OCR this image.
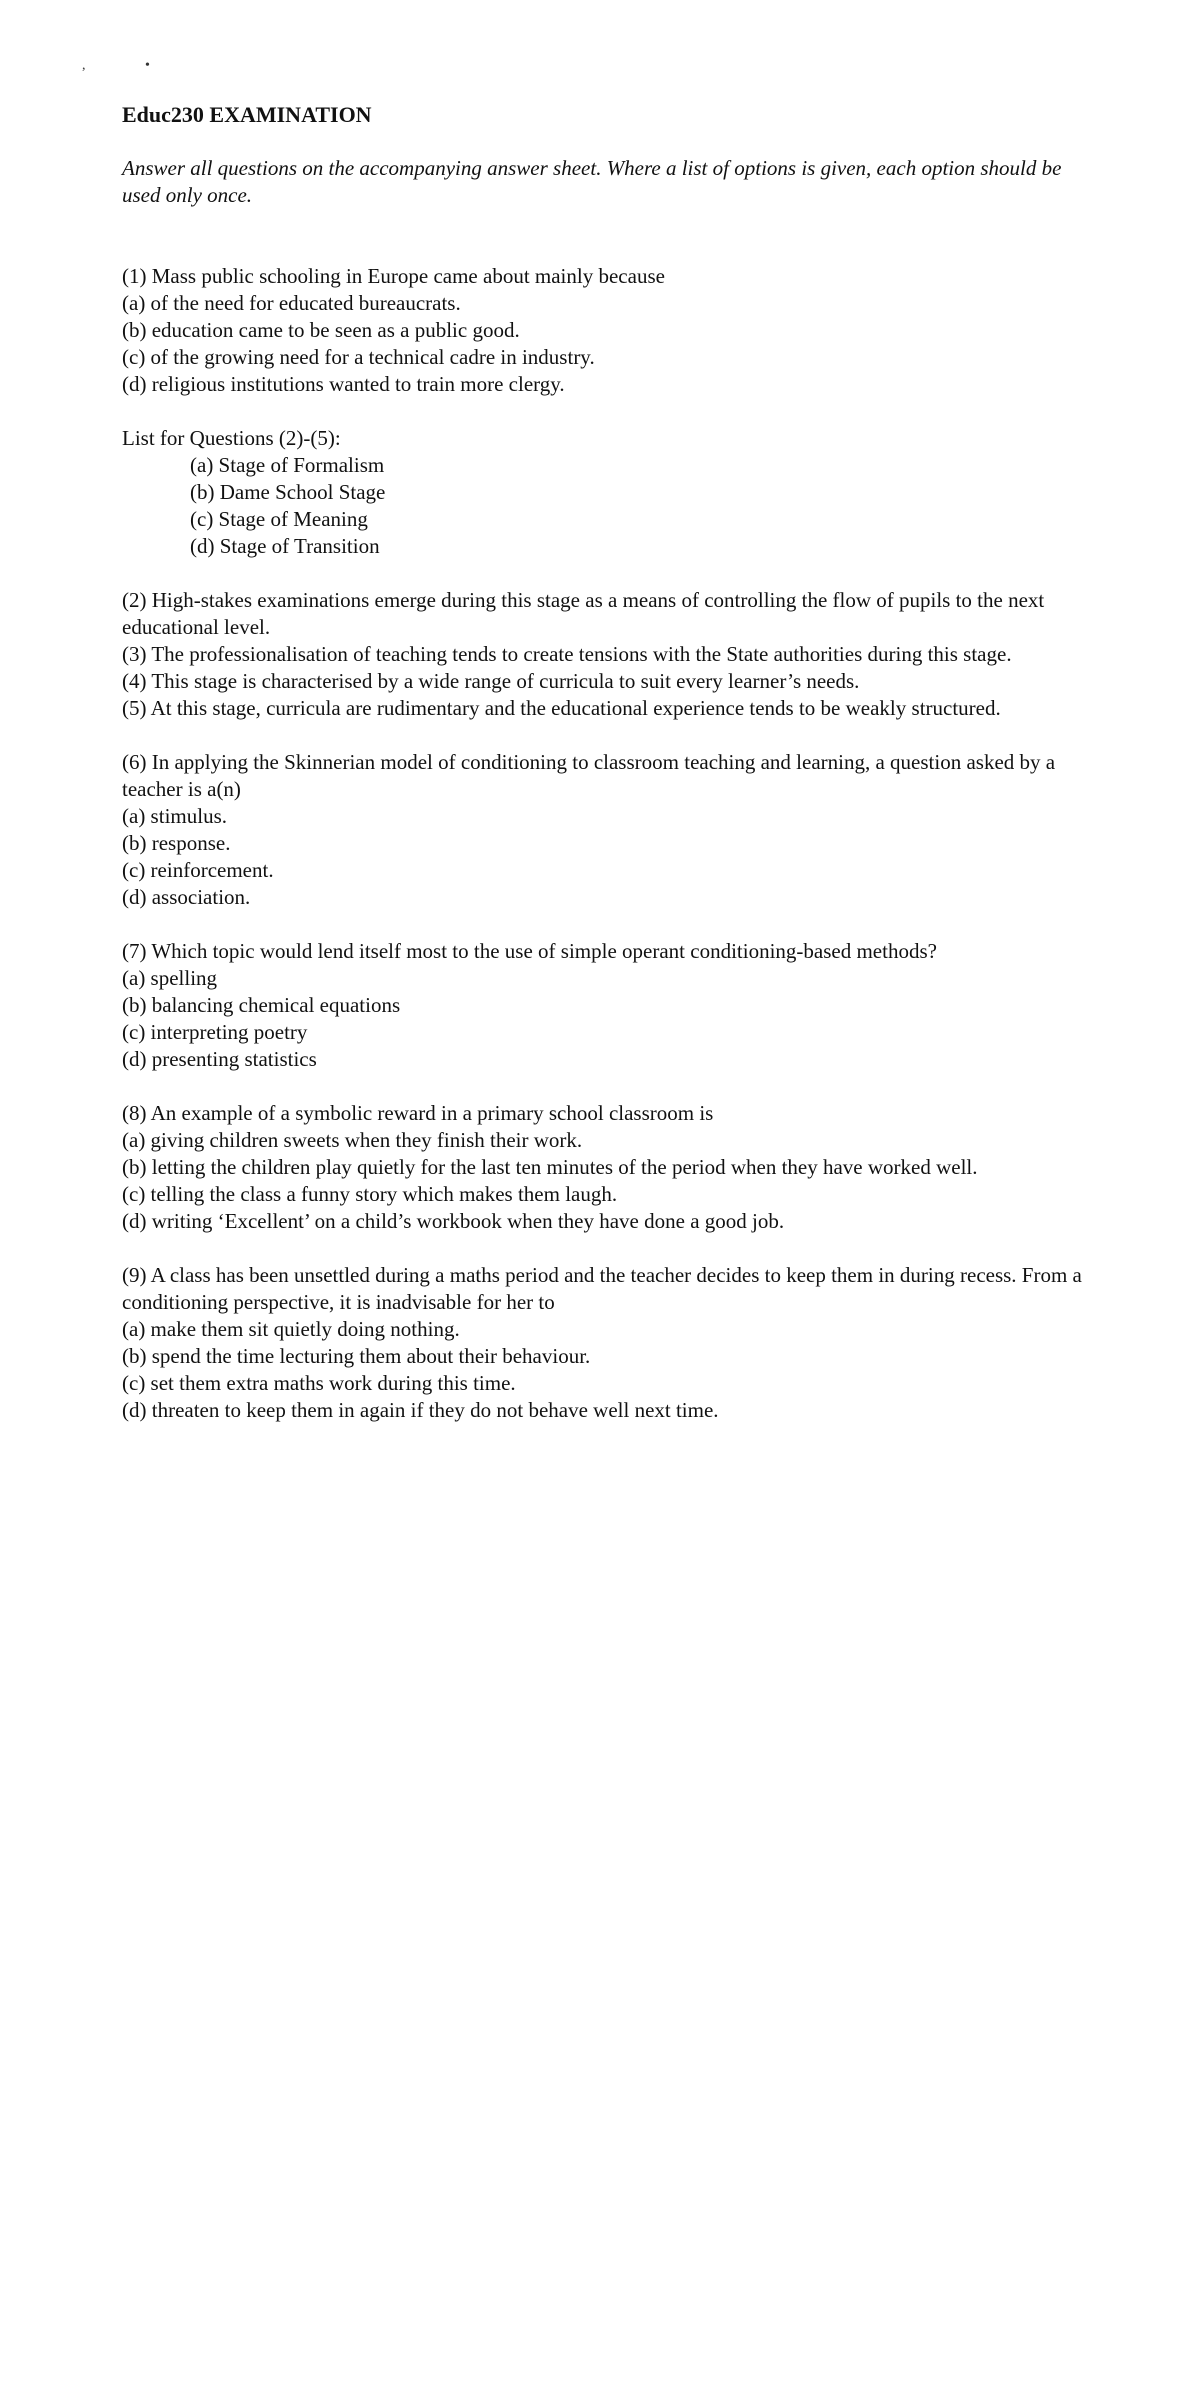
,	•
Educ230 EXAMINATION
Answer all questions on the accompanying answer sheet. Where a list of options is given, each option should be used only once.
(1) Mass public schooling in Europe came about mainly because
(a) of the need for educated bureaucrats.
(b) education came to be seen as a public good.
(c) of the growing need for a technical cadre in industry.
(d) religious institutions wanted to train more clergy.
List for Questions (2)-(5):
(a) Stage of Formalism
(b) Dame School Stage
(c) Stage of Meaning
(d) Stage of Transition
(2) High-stakes examinations emerge during this stage as a means of controlling the flow of pupils to the next educational level.
(3) The professionalisation of teaching tends to create tensions with the State authorities during this stage.
(4) This stage is characterised by a wide range of curricula to suit every learner’s needs.
(5) At this stage, curricula are rudimentary and the educational experience tends to be weakly structured.
(6) In applying the Skinnerian model of conditioning to classroom teaching and learning, a question asked by a teacher is a(n)
(a) stimulus.
(b) response.
(c) reinforcement.
(d) association.
(7) Which topic would lend itself most to the use of simple operant conditioning-based methods?
(a) spelling
(b) balancing chemical equations
(c) interpreting poetry
(d) presenting statistics
(8) An example of a symbolic reward in a primary school classroom is
(a) giving children sweets when they finish their work.
(b) letting the children play quietly for the last ten minutes of the period when they have worked well.
(c) telling the class a funny story which makes them laugh.
(d) writing ‘Excellent’ on a child’s workbook when they have done a good job.
(9) A class has been unsettled during a maths period and the teacher decides to keep them in during recess. From a conditioning perspective, it is inadvisable for her to
(a) make them sit quietly doing nothing.
(b) spend the time lecturing them about their behaviour.
(c) set them extra maths work during this time.
(d) threaten to keep them in again if they do not behave well next time.
